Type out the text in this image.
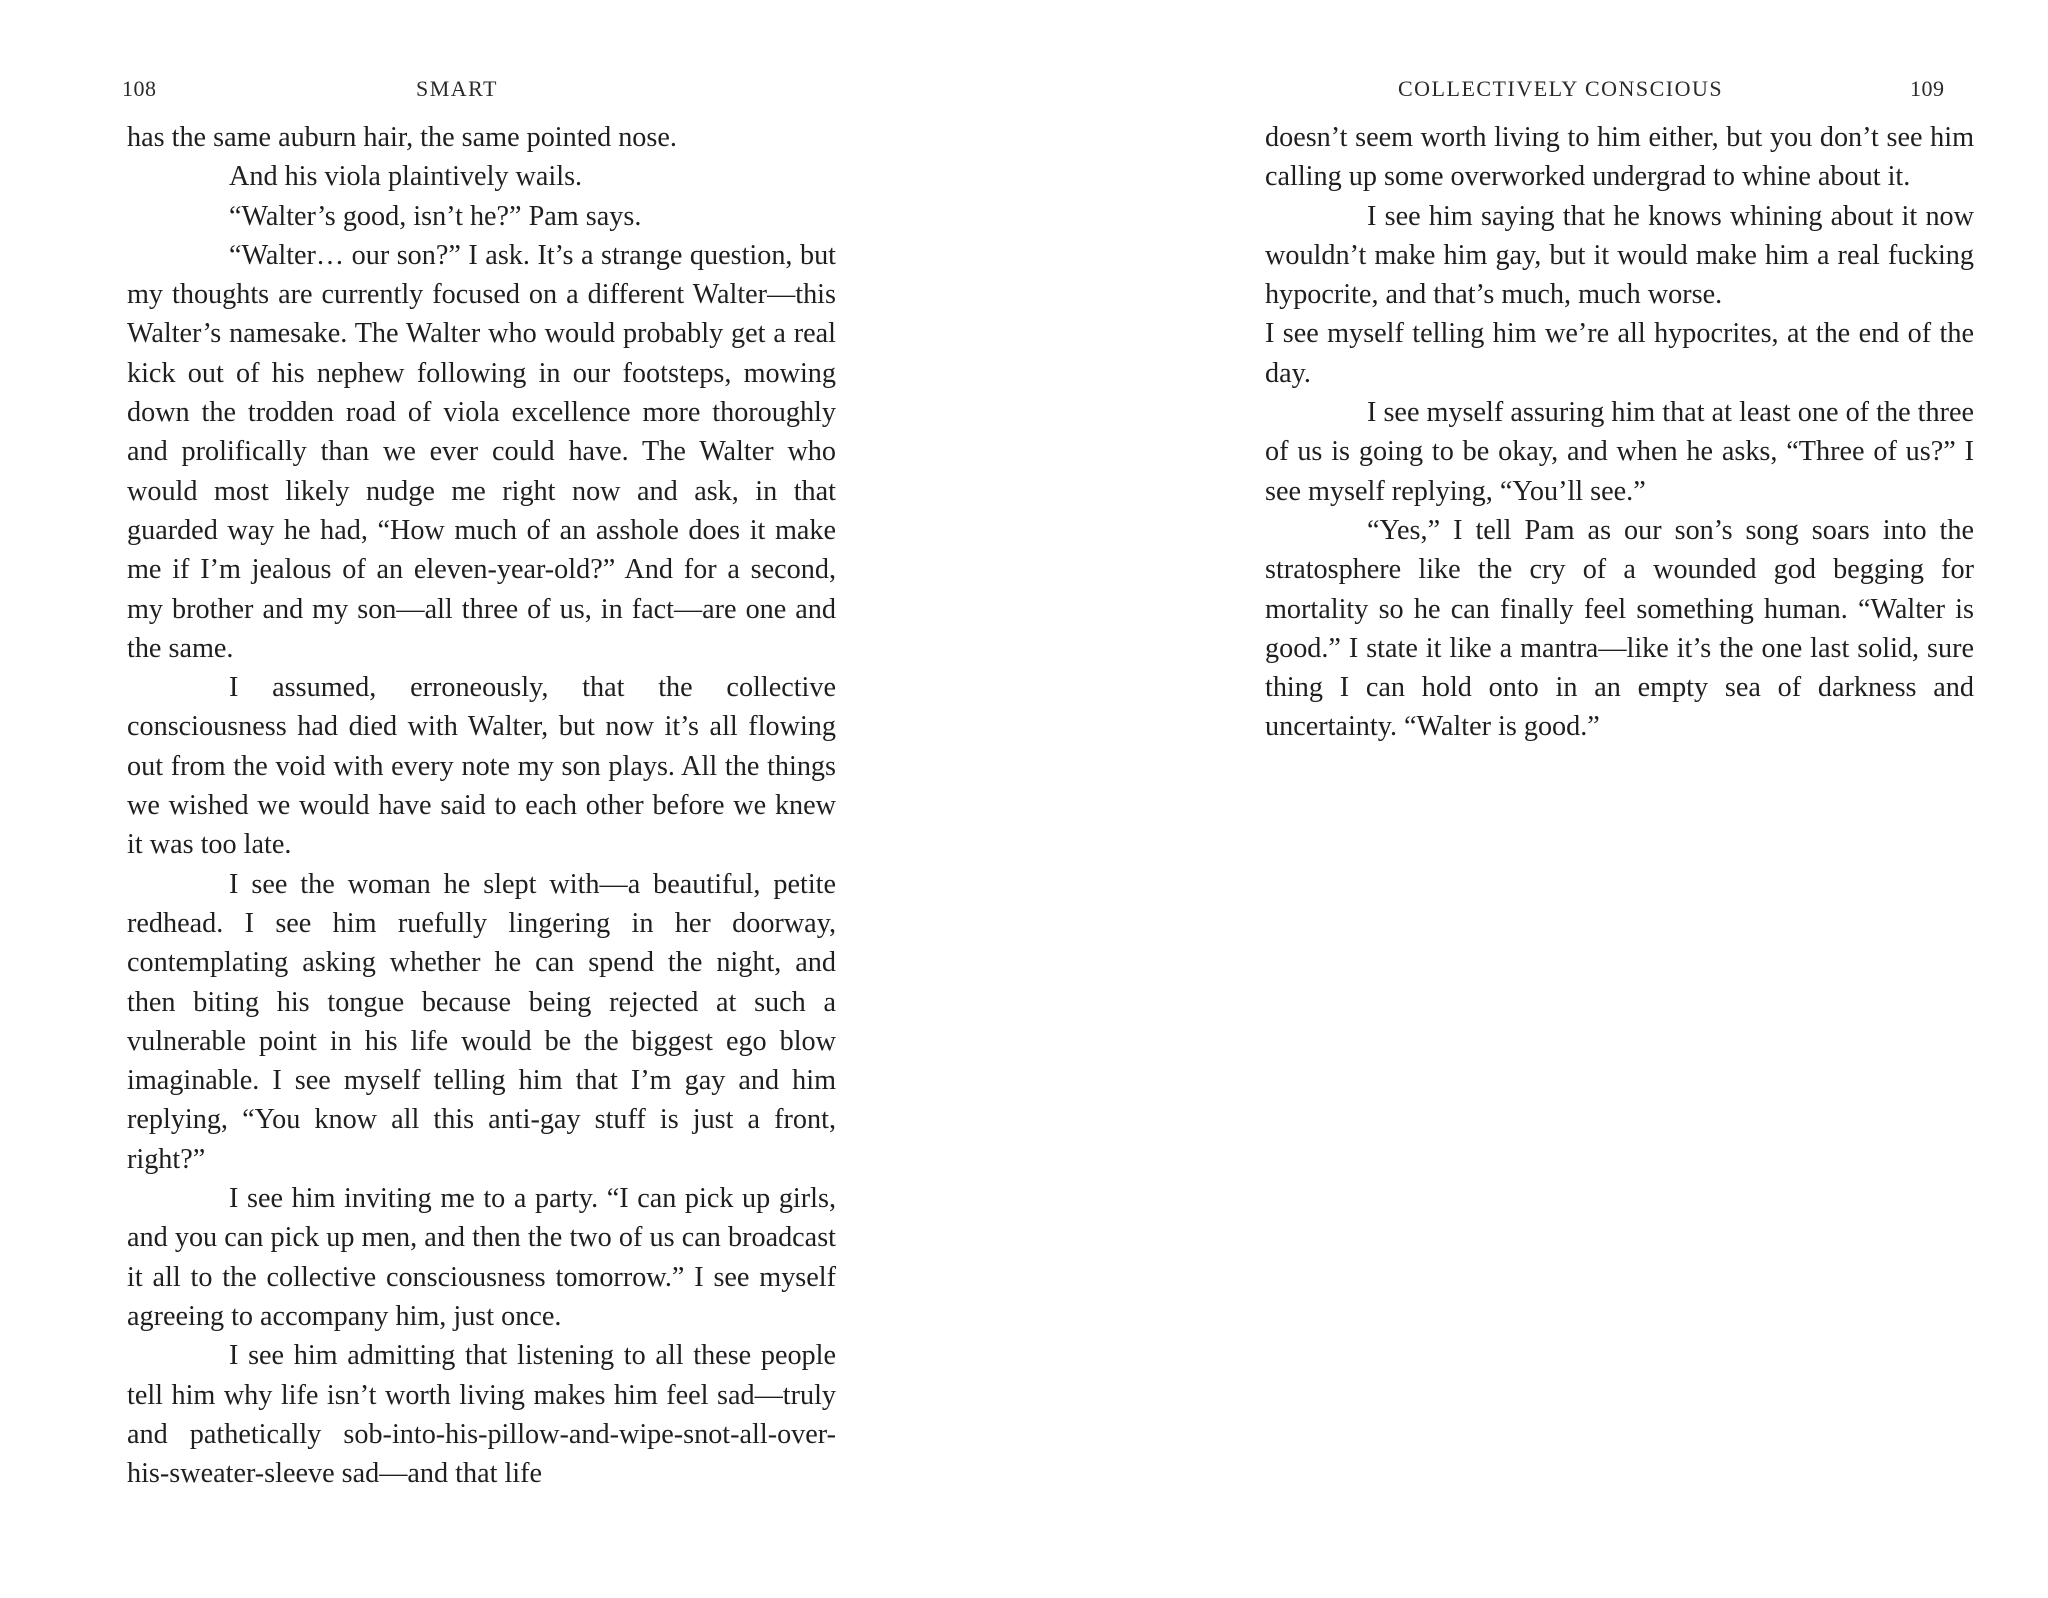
108	SMART

has the same auburn hair, the same pointed nose.

And his viola plaintively wails.

“Walter’s good, isn’t he?” Pam says.

“Walter… our son?” I ask. It’s a strange question, but my thoughts are currently focused on a different Walter—this Walter’s namesake. The Walter who would probably get a real kick out of his nephew following in our footsteps, mowing down the trodden road of viola excellence more thoroughly and prolifically than we ever could have. The Walter who would most likely nudge me right now and ask, in that guarded way he had, “How much of an asshole does it make me if I’m jealous of an eleven-year-old?” And for a second, my brother and my son—all three of us, in fact—are one and the same.

I assumed, erroneously, that the collective consciousness had died with Walter, but now it’s all flowing out from the void with every note my son plays. All the things we wished we would have said to each other before we knew it was too late.

I see the woman he slept with—a beautiful, petite redhead. I see him ruefully lingering in her doorway, contemplating asking whether he can spend the night, and then biting his tongue because being rejected at such a vulnerable point in his life would be the biggest ego blow imaginable. I see myself telling him that I’m gay and him replying, “You know all this anti-gay stuff is just a front, right?”

I see him inviting me to a party. “I can pick up girls, and you can pick up men, and then the two of us can broadcast it all to the collective consciousness tomorrow.” I see myself agreeing to accompany him, just once.

I see him admitting that listening to all these people tell him why life isn’t worth living makes him feel sad—truly and pathetically sob-into-his-pillow-and-wipe-snot-all-over-his-sweater-sleeve sad—and that life

COLLECTIVELY CONSCIOUS	109

doesn’t seem worth living to him either, but you don’t see him calling up some overworked undergrad to whine about it.

I see him saying that he knows whining about it now wouldn’t make him gay, but it would make him a real fucking hypocrite, and that’s much, much worse.

I see myself telling him we’re all hypocrites, at the end of the day.

I see myself assuring him that at least one of the three of us is going to be okay, and when he asks, “Three of us?” I see myself replying, “You’ll see.”

“Yes,” I tell Pam as our son’s song soars into the stratosphere like the cry of a wounded god begging for mortality so he can finally feel something human. “Walter is good.” I state it like a mantra—like it’s the one last solid, sure thing I can hold onto in an empty sea of darkness and uncertainty. “Walter is good.”
